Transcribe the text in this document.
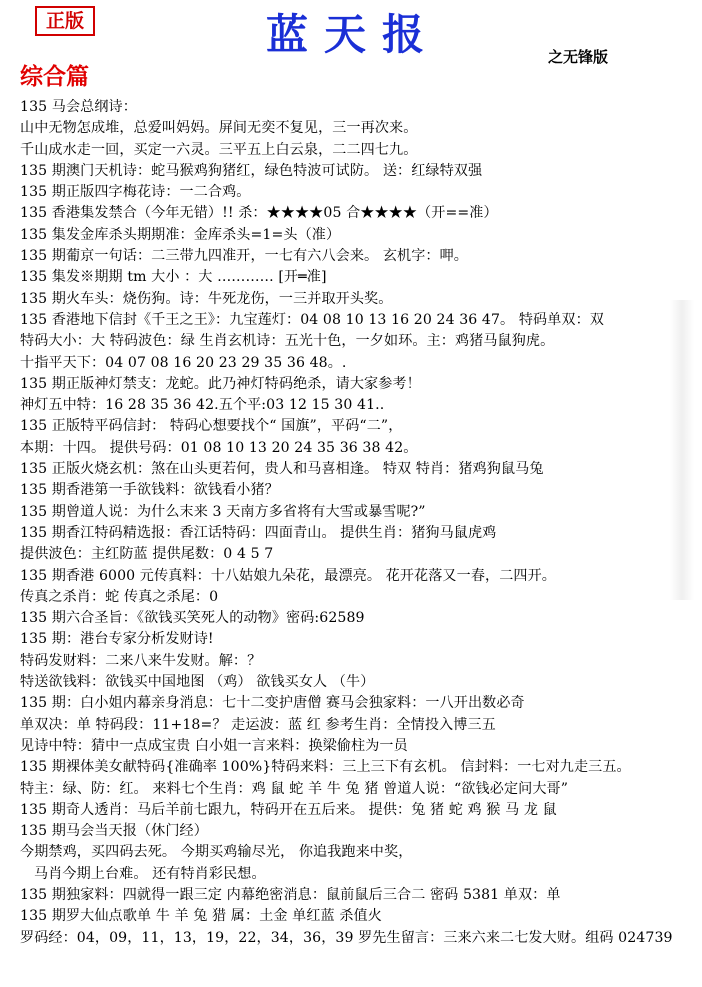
正版	蓝天报	之无锋版
综合篇
135 马会总纲诗：
山中无物怎成堆，总爱叫妈妈。屏间无奕不复见，三一再次来。
千山成水走一回，买定一六灵。三平五上白云泉，二二四七九。
135 期澳门天机诗：蛇马猴鸡狗猪红，绿色特波可试防。 送：红绿特双强
135 期正版四字梅花诗：一二合鸡。
135 香港集发禁合（今年无错）!! 杀：★★★★05 合★★★★（开==准）
135 集发金库杀头期期准：金库杀头=1=头（准）
135 期葡京一句话：二三带九四准开，一七有六八会来。 玄机字：呷。
135 集发※期期 tm 大小 ：大 ………… [开═准]
135 期火车头：烧伤狗。诗：牛死龙伤，一三并取开头奖。
135 香港地下信封《千王之王》：九宝莲灯：04 08 10 13 16 20 24 36 47。 特码单双：双
特码大小：大 特码波色：绿 生肖玄机诗：五光十色，一夕如环。主：鸡猪马鼠狗虎。
十指平天下：04 07 08 16 20 23 29 35 36 48。.
135 期正版神灯禁支：龙蛇。此乃神灯特码绝杀，请大家参考！
神灯五中特：16 28 35 36 42.五个平:03 12 15 30 41..
135 正版特平码信封： 特码心想要找个“ 国旗”，平码“二”，
本期：十四。 提供号码：01 08 10 13 20 24 35 36 38 42。
135 正版火烧玄机：煞在山头更若何，贵人和马喜相逢。 特双 特肖：猪鸡狗鼠马兔
135 期香港第一手欲钱料：欲钱看小猪？
135 期曾道人说：为什么末来 3 天南方多省将有大雪或暴雪呢?”
135 期香江特码精选报：香江话特码：四面青山。 提供生肖：猪狗马鼠虎鸡
提供波色：主红防蓝 提供尾数：0 4 5 7
135 期香港 6000 元传真料：十八姑娘九朵花，最漂亮。 花开花落又一春，二四开。
传真之杀肖：蛇 传真之杀尾：0
135 期六合圣旨：《欲钱买笑死人的动物》密码:62589
135 期：港台专家分析发财诗!
特码发财料：二来八来牛发财。解：？
特送欲钱料：欲钱买中国地图 （鸡） 欲钱买女人 （牛）
135 期：白小姐内幕亲身消息：七十二变护唐僧 赛马会独家料：一八开出数必奇
单双决：单 特码段：11+18=？ 走运波：蓝 红 参考生肖：全情投入博三五
见诗中特：猜中一点成宝贵 白小姐一言来料：换梁偷柱为一员
135 期裸体美女献特码{准确率 100%}特码来料：三上三下有玄机。 信封料：一七对九走三五。
特主：绿、防：红。 来料七个生肖：鸡 鼠 蛇 羊 牛 兔 猪 曾道人说：“欲钱必定问大哥”
135 期奇人透肖：马后羊前七跟九，特码开在五后来。 提供：兔 猪 蛇 鸡 猴 马 龙 鼠
135 期马会当天报（休门经）
今期禁鸡，买四码去死。 今期买鸡输尽光， 你追我跑来中奖，
马肖今期上台难。 还有特肖彩民想。
135 期独家料：四就得一跟三定 内幕绝密消息：鼠前鼠后三合二 密码 5381 单双：单
135 期罗大仙点歌单 牛 羊 兔 猎 属：土金 单红蓝 杀值火
罗码经：04，09，11，13，19，22，34，36，39 罗先生留言：三来六来二七发大财。组码 024739
